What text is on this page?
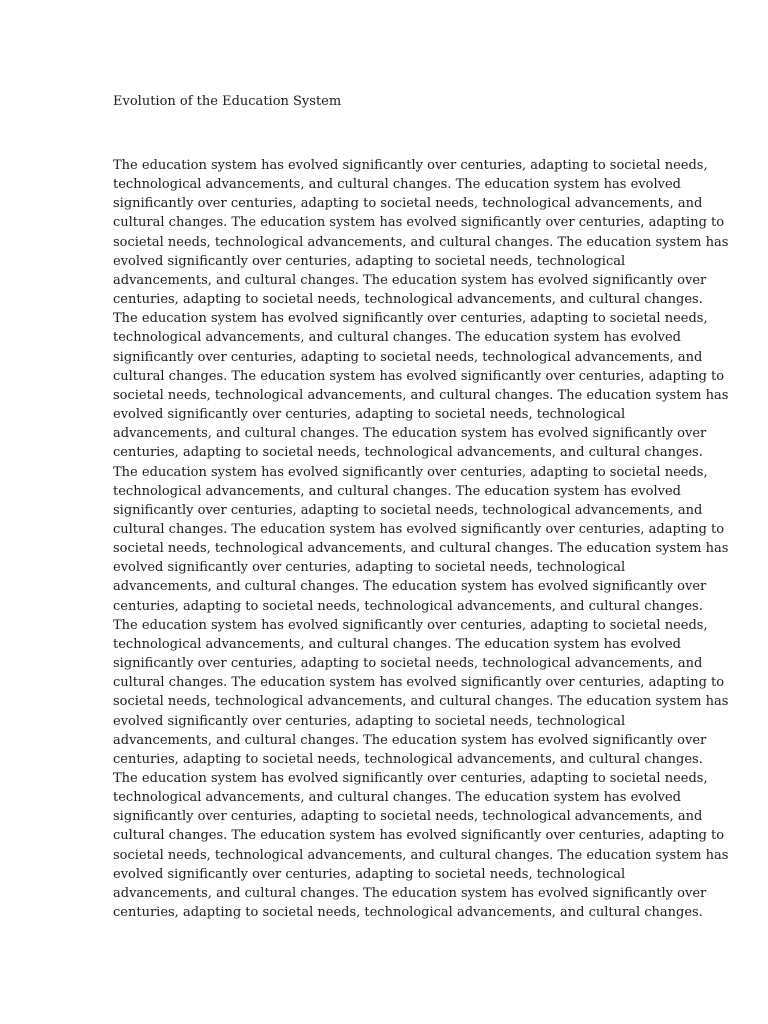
Evolution of the Education System
The education system has evolved significantly over centuries, adapting to societal needs,
technological advancements, and cultural changes. The education system has evolved
significantly over centuries, adapting to societal needs, technological advancements, and
cultural changes. The education system has evolved significantly over centuries, adapting to
societal needs, technological advancements, and cultural changes. The education system has
evolved significantly over centuries, adapting to societal needs, technological
advancements, and cultural changes. The education system has evolved significantly over
centuries, adapting to societal needs, technological advancements, and cultural changes.
The education system has evolved significantly over centuries, adapting to societal needs,
technological advancements, and cultural changes. The education system has evolved
significantly over centuries, adapting to societal needs, technological advancements, and
cultural changes. The education system has evolved significantly over centuries, adapting to
societal needs, technological advancements, and cultural changes. The education system has
evolved significantly over centuries, adapting to societal needs, technological
advancements, and cultural changes. The education system has evolved significantly over
centuries, adapting to societal needs, technological advancements, and cultural changes.
The education system has evolved significantly over centuries, adapting to societal needs,
technological advancements, and cultural changes. The education system has evolved
significantly over centuries, adapting to societal needs, technological advancements, and
cultural changes. The education system has evolved significantly over centuries, adapting to
societal needs, technological advancements, and cultural changes. The education system has
evolved significantly over centuries, adapting to societal needs, technological
advancements, and cultural changes. The education system has evolved significantly over
centuries, adapting to societal needs, technological advancements, and cultural changes.
The education system has evolved significantly over centuries, adapting to societal needs,
technological advancements, and cultural changes. The education system has evolved
significantly over centuries, adapting to societal needs, technological advancements, and
cultural changes. The education system has evolved significantly over centuries, adapting to
societal needs, technological advancements, and cultural changes. The education system has
evolved significantly over centuries, adapting to societal needs, technological
advancements, and cultural changes. The education system has evolved significantly over
centuries, adapting to societal needs, technological advancements, and cultural changes.
The education system has evolved significantly over centuries, adapting to societal needs,
technological advancements, and cultural changes. The education system has evolved
significantly over centuries, adapting to societal needs, technological advancements, and
cultural changes. The education system has evolved significantly over centuries, adapting to
societal needs, technological advancements, and cultural changes. The education system has
evolved significantly over centuries, adapting to societal needs, technological
advancements, and cultural changes. The education system has evolved significantly over
centuries, adapting to societal needs, technological advancements, and cultural changes.
